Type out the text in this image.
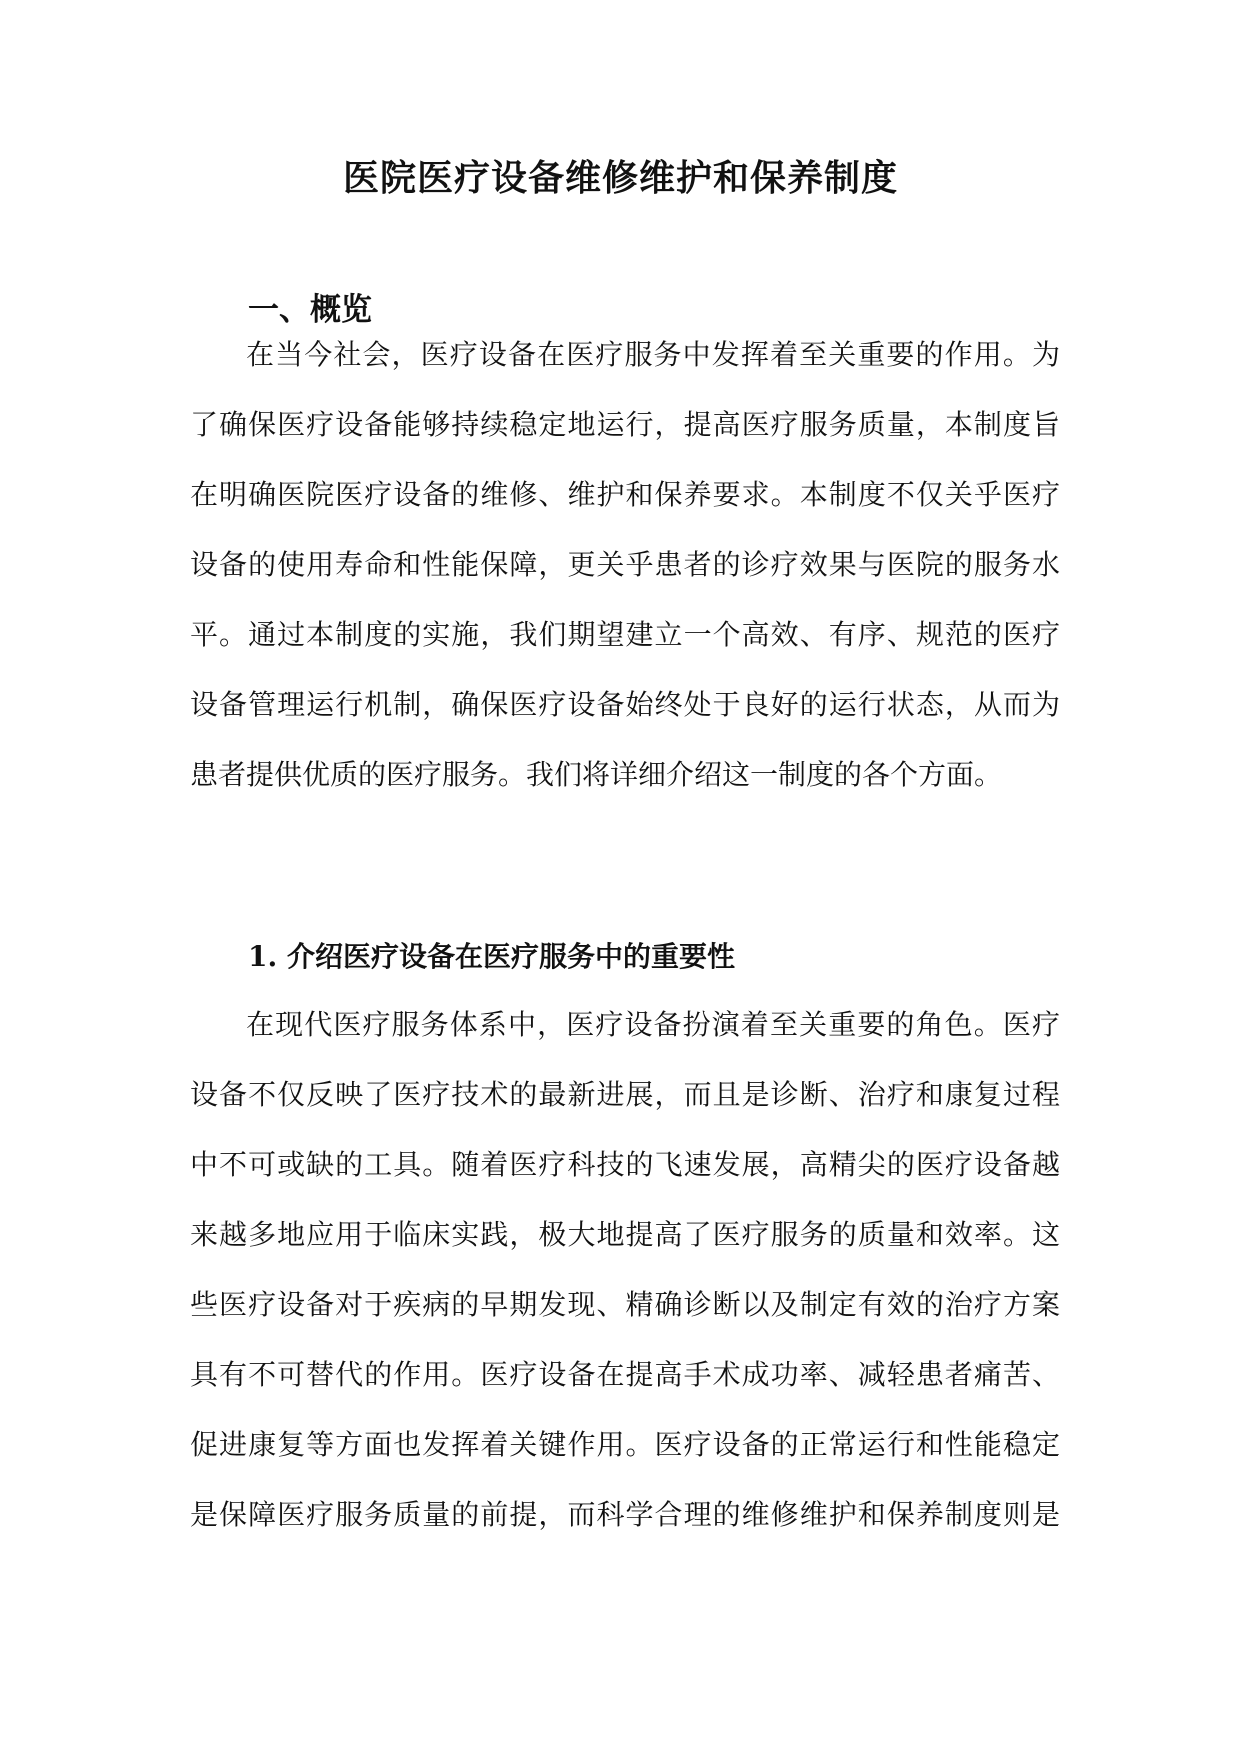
医院医疗设备维修维护和保养制度
一、概览

在当今社会，医疗设备在医疗服务中发挥着至关重要的作用。为

了确保医疗设备能够持续稳定地运行，提高医疗服务质量，本制度旨

在明确医院医疗设备的维修、维护和保养要求。本制度不仅关乎医疗

设备的使用寿命和性能保障，更关乎患者的诊疗效果与医院的服务水

平。通过本制度的实施，我们期望建立一个高效、有序、规范的医疗

设备管理运行机制，确保医疗设备始终处于良好的运行状态，从而为

患者提供优质的医疗服务。我们将详细介绍这一制度的各个方面。

1. 介绍医疗设备在医疗服务中的重要性

在现代医疗服务体系中，医疗设备扮演着至关重要的角色。医疗

设备不仅反映了医疗技术的最新进展，而且是诊断、治疗和康复过程

中不可或缺的工具。随着医疗科技的飞速发展，高精尖的医疗设备越

来越多地应用于临床实践，极大地提高了医疗服务的质量和效率。这

些医疗设备对于疾病的早期发现、精确诊断以及制定有效的治疗方案

具有不可替代的作用。医疗设备在提高手术成功率、减轻患者痛苦、

促进康复等方面也发挥着关键作用。医疗设备的正常运行和性能稳定

是保障医疗服务质量的前提，而科学合理的维修维护和保养制度则是
